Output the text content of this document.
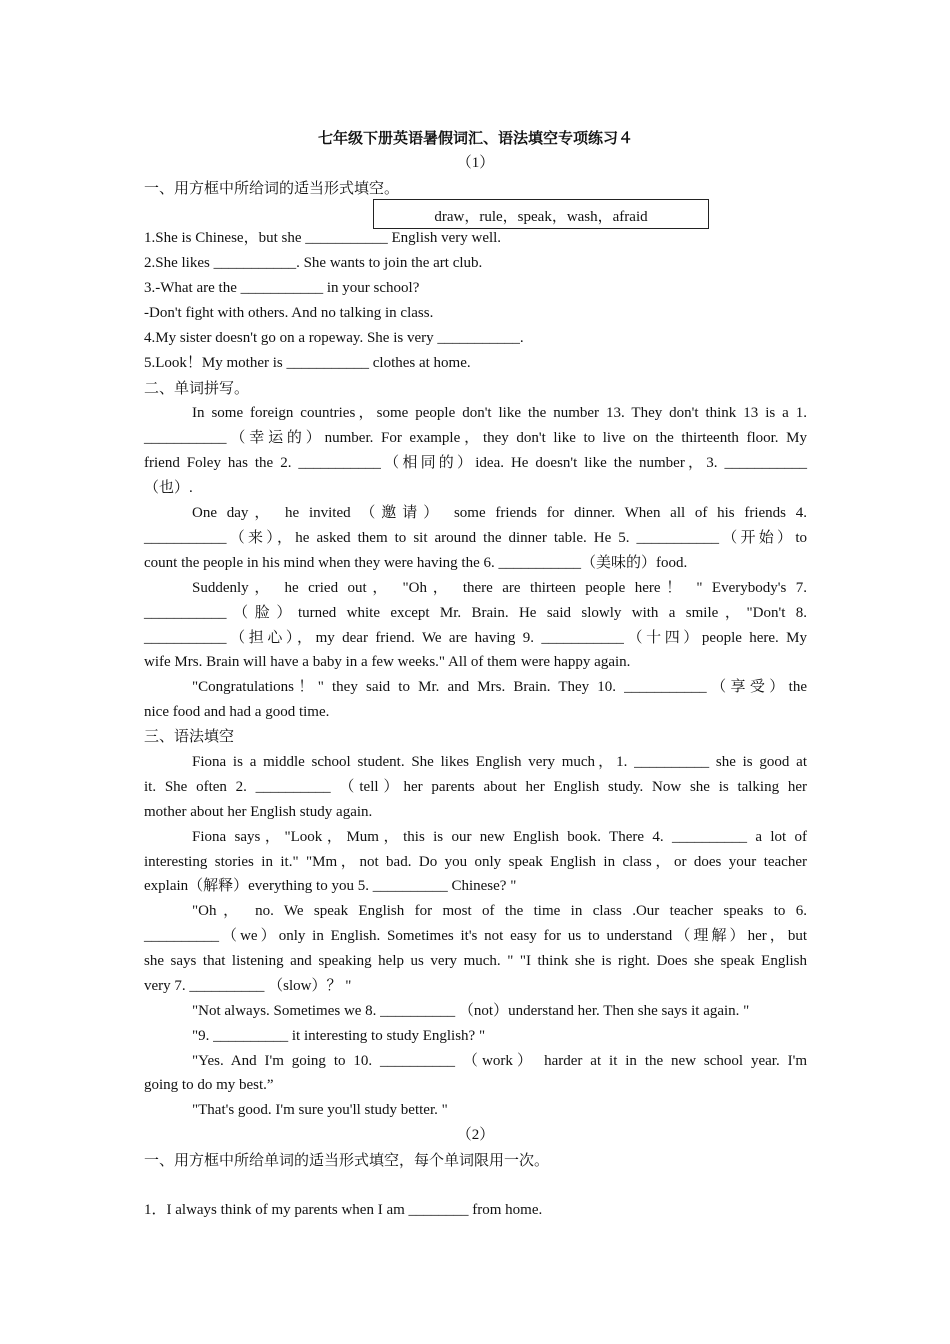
七年级下册英语暑假词汇、语法填空专项练习４
（1）
一、用方框中所给词的适当形式填空。
1.She is Chinese，but she ___________ English very well.
2.She likes ___________. She wants to join the art club.
3.-What are the ___________ in your school?
-Don't fight with others. And no talking in class.
4.My sister doesn't go on a ropeway. She is very ___________.
5.Look！My mother is ___________ clothes at home.
二、单词拼写。
In some foreign countries，some people don't like the number 13. They don't think 13 is a 1.
___________（幸运的）number. For example，they don't like to live on the thirteenth floor. My
friend Foley has the 2. ___________（相同的）idea. He doesn't like the number，3. ___________
（也）.
One day， he invited （邀请） some friends for dinner. When all of his friends 4.
___________（来），he asked them to sit around the dinner table. He 5. ___________（开始）to
count the people in his mind when they were having the 6. ___________（美味的）food.
Suddenly， he cried out， "Oh， there are thirteen people here！ " Everybody's 7.
___________（脸）turned white except Mr. Brain. He said slowly with a smile，"Don't 8.
___________（担心），my dear friend. We are having 9. ___________（十四）people here. My
wife Mrs. Brain will have a baby in a few weeks." All of them were happy again.
"Congratulations！" they said to Mr. and Mrs. Brain. They 10. ___________（享受）the
nice food and had a good time.
三、语法填空
Fiona is a middle school student. She likes English very much，1. __________ she is good at
it. She often 2. __________ （tell）her parents about her English study. Now she is talking her
mother about her English study again.
Fiona says，"Look，Mum，this is our new English book. There 4. __________ a lot of
interesting stories in it." "Mm，not bad. Do you only speak English in class，or does your teacher
explain（解释）everything to you 5. __________ Chinese? "
"Oh， no. We speak English for most of the time in class .Our teacher speaks to 6.
__________（we）only in English. Sometimes it's not easy for us to understand（理解）her，but
she says that listening and speaking help us very much. " "I think she is right. Does she speak English
very 7. __________ （slow）？ "
"Not always. Sometimes we 8. __________ （not）understand her. Then she says it again. "
"9. __________ it interesting to study English? "
"Yes. And I'm going to 10. __________ （work） harder at it in the new school year. I'm
going to do my best.”
"That's good. I'm sure you'll study better. "
（2）
一、用方框中所给单词的适当形式填空，每个单词限用一次。
1．I always think of my parents when I am ________ from home.
draw，rule，speak，wash，afraid
